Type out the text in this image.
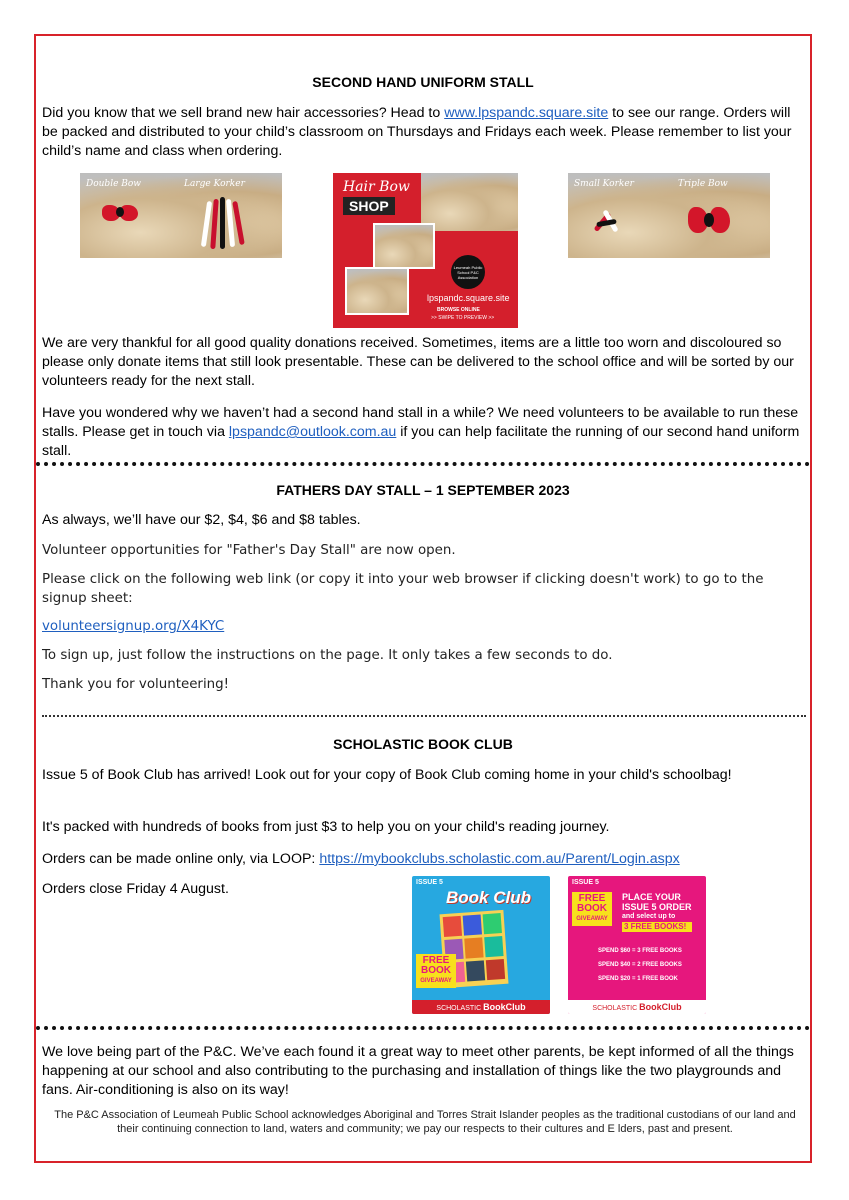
SECOND HAND UNIFORM STALL
Did you know that we sell brand new hair accessories? Head to www.lpspandc.square.site to see our range. Orders will be packed and distributed to your child’s classroom on Thursdays and Fridays each week. Please remember to list your child’s name and class when ordering.
Double Bow	Large Korker	Hair Bow
SHOP
Leumeah Public School P&C Association
lpspandc.square.site
BROWSE ONLINE
>> SWIPE TO PREVIEW >>
Small Korker	Triple Bow
We are very thankful for all good quality donations received. Sometimes, items are a little too worn and discoloured so please only donate items that still look presentable. These can be delivered to the school office and will be sorted by our volunteers ready for the next stall.
Have you wondered why we haven’t had a second hand stall in a while? We need volunteers to be available to run these stalls. Please get in touch via lpspandc@outlook.com.au if you can help facilitate the running of our second hand uniform stall.
FATHERS DAY STALL – 1 SEPTEMBER 2023
As always, we’ll have our $2, $4, $6 and $8 tables.
Volunteer opportunities for "Father's Day Stall" are now open.
Please click on the following web link (or copy it into your web browser if clicking doesn't work) to go to the signup sheet:
volunteersignup.org/X4KYC
To sign up, just follow the instructions on the page. It only takes a few seconds to do.
Thank you for volunteering!
SCHOLASTIC BOOK CLUB
Issue 5 of Book Club has arrived! Look out for your copy of Book Club coming home in your child's schoolbag!
It's packed with hundreds of books from just $3 to help you on your child's reading journey.
Orders can be made online only, via LOOP: https://mybookclubs.scholastic.com.au/Parent/Login.aspx
Orders close Friday 4 August.	ISSUE 5
Book Club
FREE
BOOK
GIVEAWAY
SCHOLASTIC BookClub
ISSUE 5
FREE
BOOK
GIVEAWAY
PLACE YOUR
ISSUE 5 ORDER
and select up to
3 FREE BOOKS!
SPEND $60 = 3 FREE BOOKS
SPEND $40 = 2 FREE BOOKS
SPEND $20 = 1 FREE BOOK
SCHOLASTIC BookClub
We love being part of the P&C. We’ve each found it a great way to meet other parents, be kept informed of all the things happening at our school and also contributing to the purchasing and installation of things like the two playgrounds and fans. Air-conditioning is also on its way!
The P&C Association of Leumeah Public School acknowledges Aboriginal and Torres Strait Islander peoples as the traditional custodians of our land and their continuing connection to land, waters and community; we pay our respects to their cultures and E lders, past and present.
